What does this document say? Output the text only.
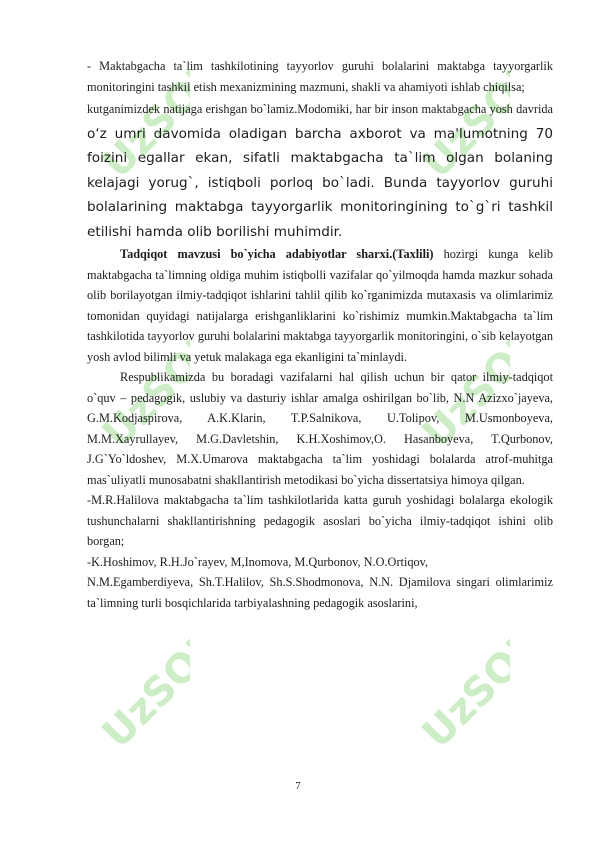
UzSOF	UzSOF
UzSOF	UzSOF
UzSOF	UzSOF

- Maktabgacha ta`lim tashkilotining tayyorlov guruhi bolalarini maktabga tayyorgarlik monitoringini tashkil etish mexanizmining mazmuni, shakli va ahamiyoti ishlab chiqilsa;

kutganimizdek natijaga erishgan bo`lamiz.Modomiki, har bir inson maktabgacha yosh davrida o‘z umri davomida oladigan barcha axborot va ma'lumotning 70 foizini egallar ekan, sifatli maktabgacha ta`lim olgan bolaning kelajagi yorug`, istiqboli porloq bo`ladi. Bunda tayyorlov guruhi bolalarining maktabga tayyorgarlik monitoringining to`g`ri tashkil etilishi hamda olib borilishi muhimdir.

Tadqiqot mavzusi bo`yicha adabiyotlar sharxi.(Taxlili) hozirgi kunga kelib maktabgacha ta`limning oldiga muhim istiqbolli vazifalar qo`yilmoqda hamda mazkur sohada olib borilayotgan ilmiy-tadqiqot ishlarini tahlil qilib ko`rganimizda mutaxasis va olimlarimiz tomonidan quyidagi natijalarga erishganliklarini ko`rishimiz mumkin.Maktabgacha ta`lim tashkilotida tayyorlov guruhi bolalarini maktabga tayyorgarlik monitoringini, o`sib kelayotgan yosh avlod bilimli va yetuk malakaga ega ekanligini ta`minlaydi.

Respublikamizda bu boradagi vazifalarni hal qilish uchun bir qator ilmiy-tadqiqot o`quv – pedagogik, uslubiy va dasturiy ishlar amalga oshirilgan bo`lib, N.N Azizxo`jayeva, G.M.Kodjaspirova, A.K.Klarin, T.P.Salnikova, U.Tolipov, M.Usmonboyeva, M.M.Xayrullayev, M.G.Davletshin, K.H.Xoshimov,O. Hasanboyeva, T.Qurbonov, J.G`Yo`ldoshev, M.X.Umarova maktabgacha ta`lim yoshidagi bolalarda atrof-muhitga mas`uliyatli munosabatni shakllantirish metodikasi bo`yicha dissertatsiya himoya qilgan.

-M.R.Halilova maktabgacha ta`lim tashkilotlarida katta guruh yoshidagi bolalarga ekologik tushunchalarni shakllantirishning pedagogik asoslari bo`yicha ilmiy-tadqiqot ishini olib borgan;

-K.Hoshimov, R.H.Jo`rayev, M,Inomova, M.Qurbonov, N.O.Ortiqov,

N.M.Egamberdiyeva, Sh.T.Halilov, Sh.S.Shodmonova, N.N. Djamilova singari olimlarimiz ta`limning turli bosqichlarida tarbiyalashning pedagogik asoslarini,

7
